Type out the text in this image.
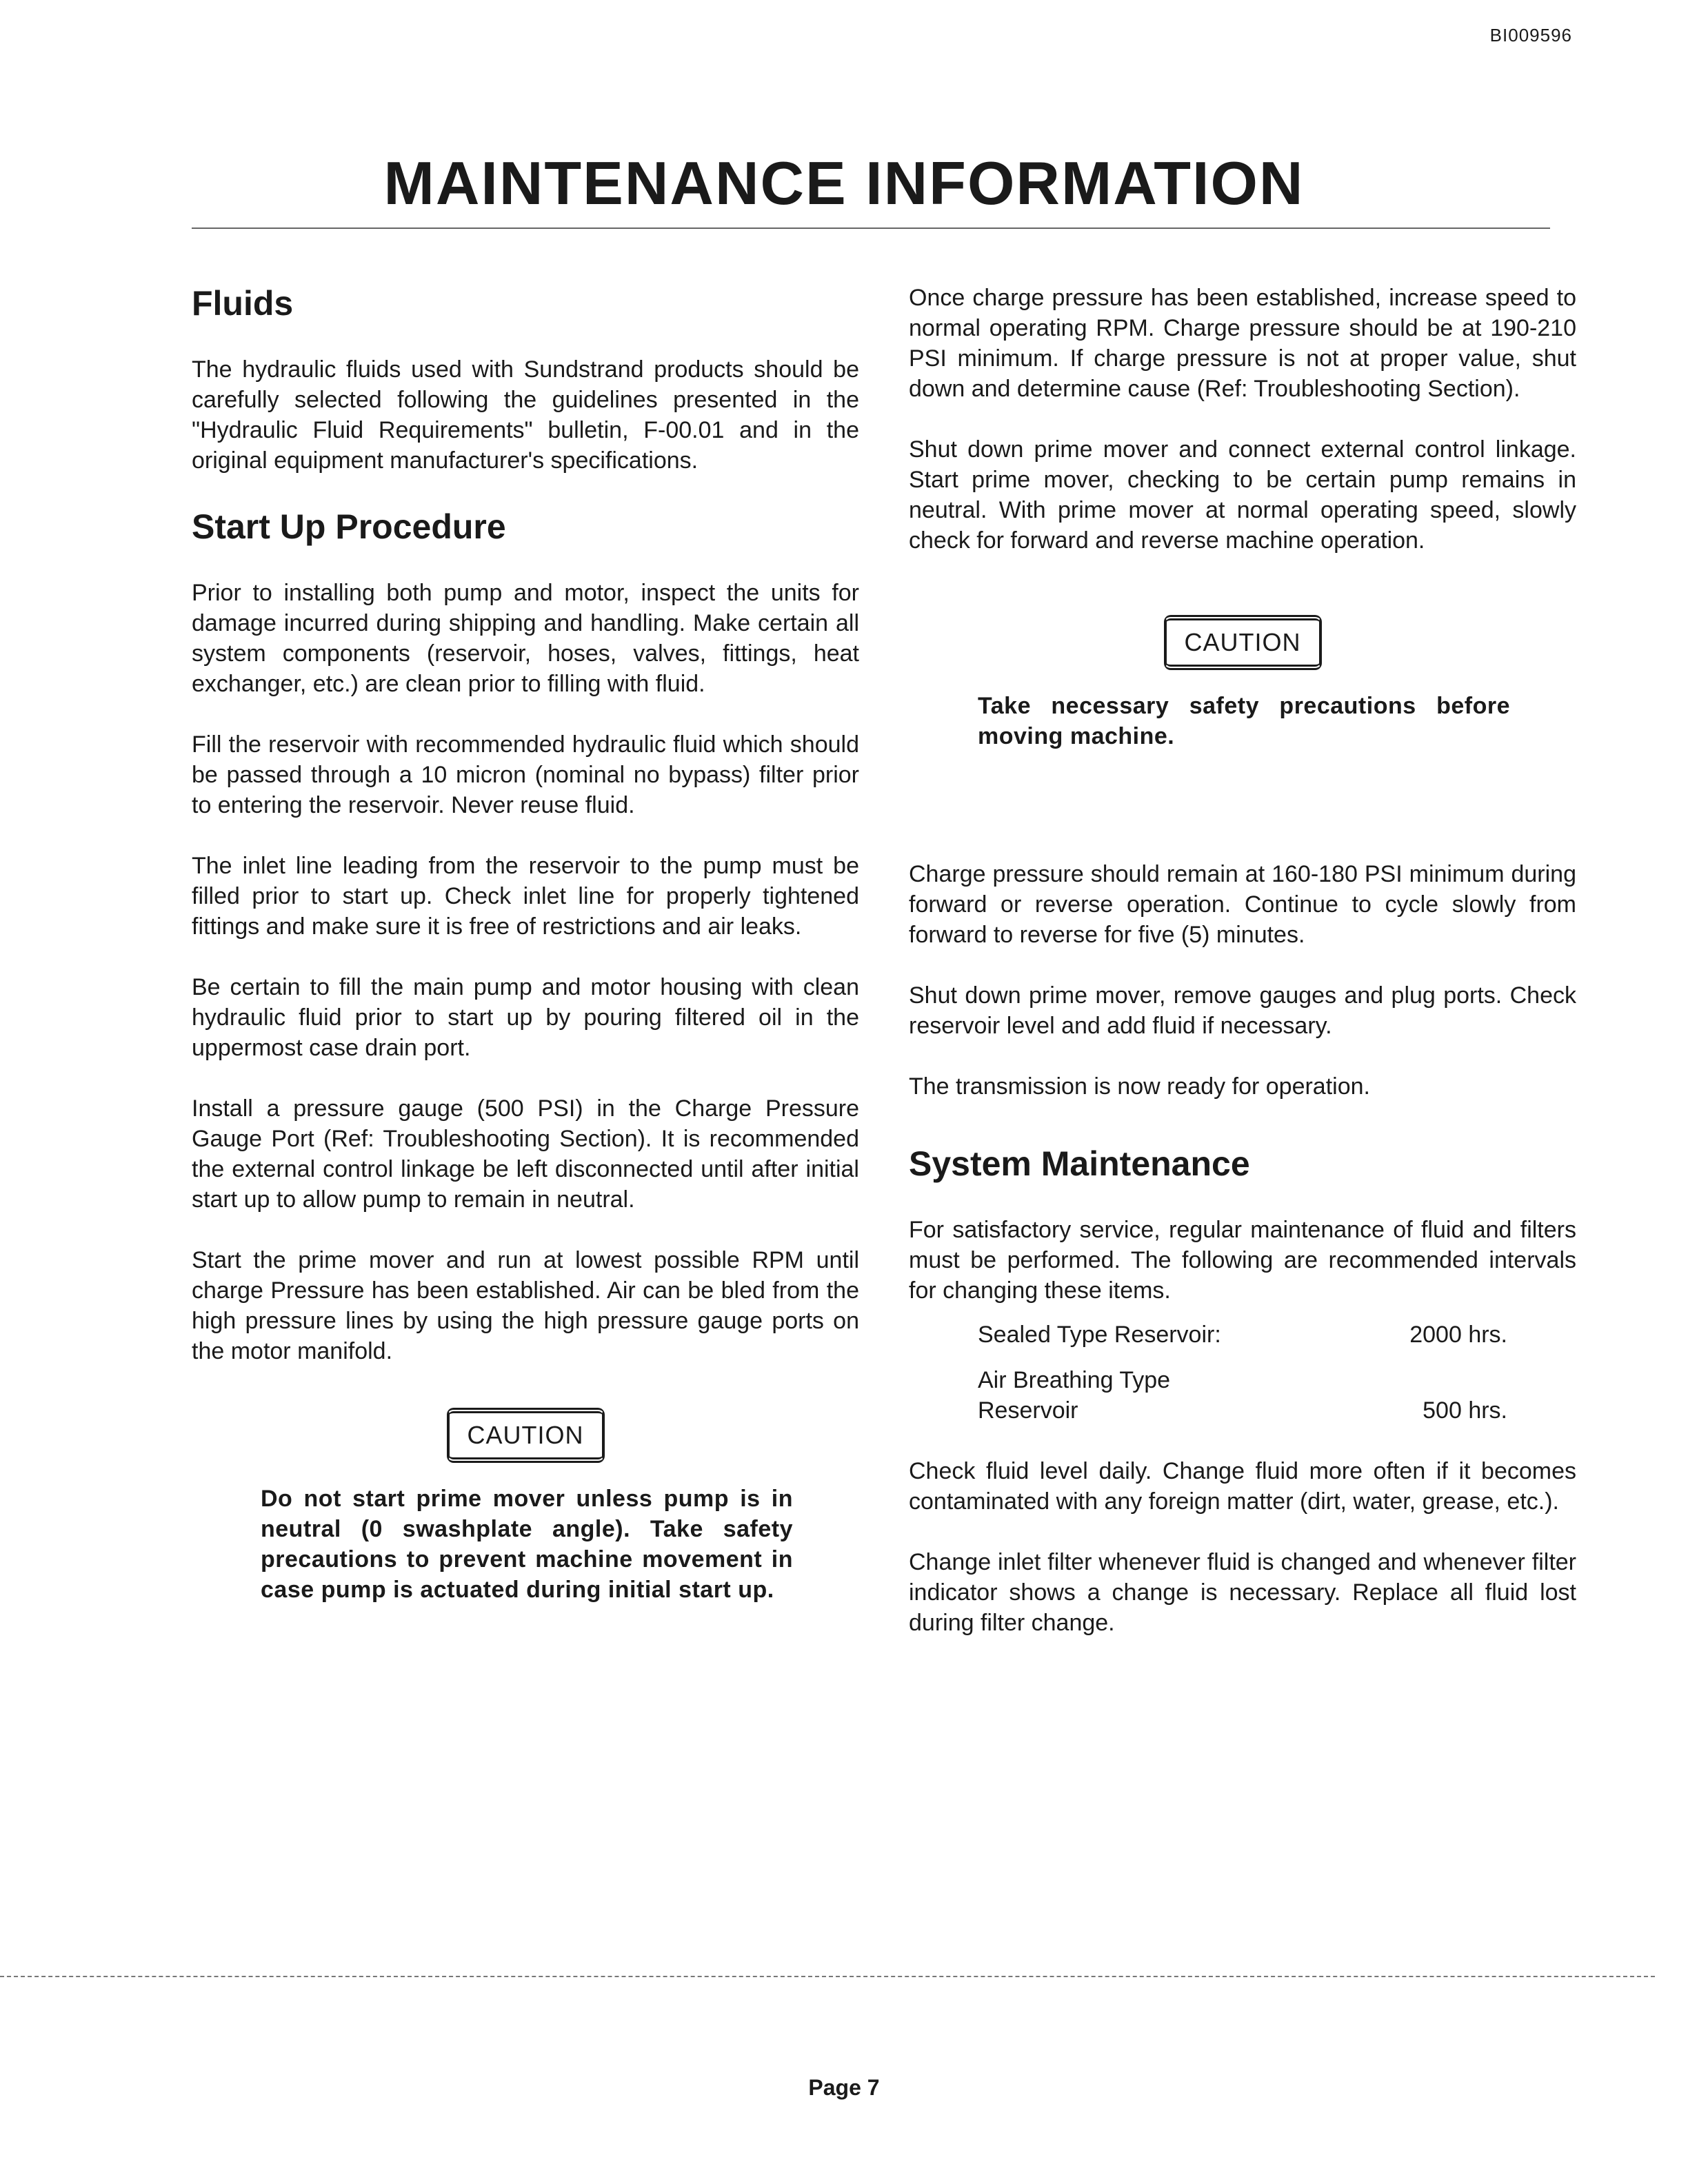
BI009596
MAINTENANCE INFORMATION
Fluids

The hydraulic fluids used with Sundstrand products should be carefully selected following the guidelines presented in the "Hydraulic Fluid Requirements" bulletin, F-00.01 and in the original equipment manufacturer's specifications.

Start Up Procedure

Prior to installing both pump and motor, inspect the units for damage incurred during shipping and handling. Make certain all system components (reservoir, hoses, valves, fittings, heat exchanger, etc.) are clean prior to filling with fluid.

Fill the reservoir with recommended hydraulic fluid which should be passed through a 10 micron (nominal no bypass) filter prior to entering the reservoir. Never reuse fluid.

The inlet line leading from the reservoir to the pump must be filled prior to start up. Check inlet line for properly tightened fittings and make sure it is free of restrictions and air leaks.

Be certain to fill the main pump and motor housing with clean hydraulic fluid prior to start up by pouring filtered oil in the uppermost case drain port.

Install a pressure gauge (500 PSI) in the Charge Pressure Gauge Port (Ref: Troubleshooting Section). It is recommended the external control linkage be left disconnected until after initial start up to allow pump to remain in neutral.

Start the prime mover and run at lowest possible RPM until charge Pressure has been established. Air can be bled from the high pressure lines by using the high pressure gauge ports on the motor manifold.

CAUTION
Do not start prime mover unless pump is in neutral (0 swashplate angle). Take safety precautions to prevent machine movement in case pump is actuated during initial start up.

Once charge pressure has been established, increase speed to normal operating RPM. Charge pressure should be at 190-210 PSI minimum. If charge pressure is not at proper value, shut down and determine cause (Ref: Troubleshooting Section).

Shut down prime mover and connect external control linkage. Start prime mover, checking to be certain pump remains in neutral. With prime mover at normal operating speed, slowly check for forward and reverse machine operation.

CAUTION
Take necessary safety precautions before moving machine.

Charge pressure should remain at 160-180 PSI minimum during forward or reverse operation. Continue to cycle slowly from forward to reverse for five (5) minutes.

Shut down prime mover, remove gauges and plug ports. Check reservoir level and add fluid if necessary.

The transmission is now ready for operation.

System Maintenance

For satisfactory service, regular maintenance of fluid and filters must be performed. The following are recommended intervals for changing these items.

Sealed Type Reservoir:	2000 hrs.
Air Breathing Type
Reservoir	500 hrs.

Check fluid level daily. Change fluid more often if it becomes contaminated with any foreign matter (dirt, water, grease, etc.).

Change inlet filter whenever fluid is changed and whenever filter indicator shows a change is necessary. Replace all fluid lost during filter change.

Page 7
